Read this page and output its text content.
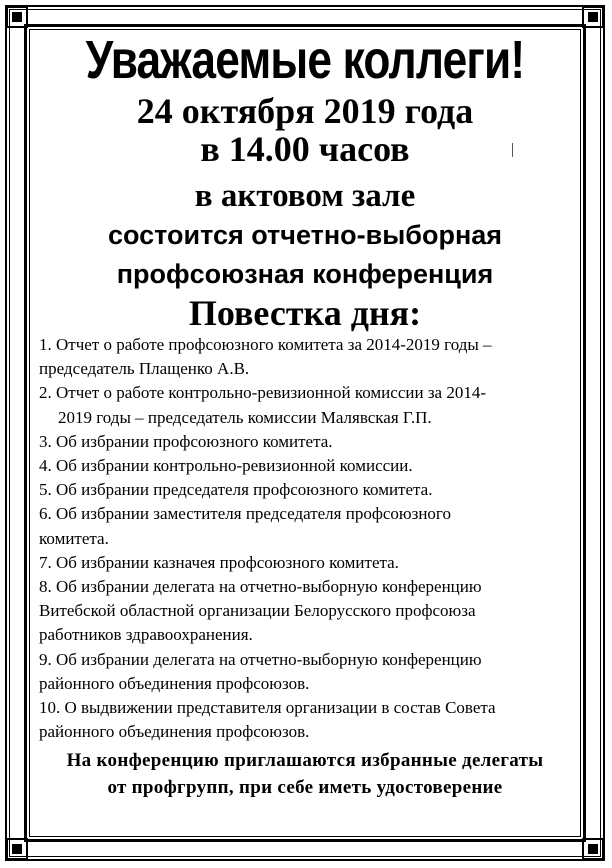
Уважаемые коллеги!
24 октября 2019 года
в 14.00 часов
в актовом зале
состоится отчетно-выборная
профсоюзная конференция
Повестка дня:
1. Отчет о работе профсоюзного комитета за 2014-2019 годы –
председатель Плащенко А.В.
2. Отчет о работе контрольно-ревизионной комиссии за 2014-
2019 годы – председатель комиссии Малявская Г.П.
3. Об избрании профсоюзного комитета.
4. Об избрании контрольно-ревизионной комиссии.
5. Об избрании председателя профсоюзного комитета.
6. Об избрании заместителя председателя профсоюзного
комитета.
7. Об избрании казначея профсоюзного комитета.
8. Об избрании делегата на отчетно-выборную конференцию
Витебской областной организации Белорусского профсоюза
работников здравоохранения.
9. Об избрании делегата на отчетно-выборную конференцию
районного объединения профсоюзов.
10. О выдвижении представителя организации в состав Совета
районного объединения профсоюзов.
На конференцию приглашаются избранные делегаты
от профгрупп, при себе иметь удостоверение
